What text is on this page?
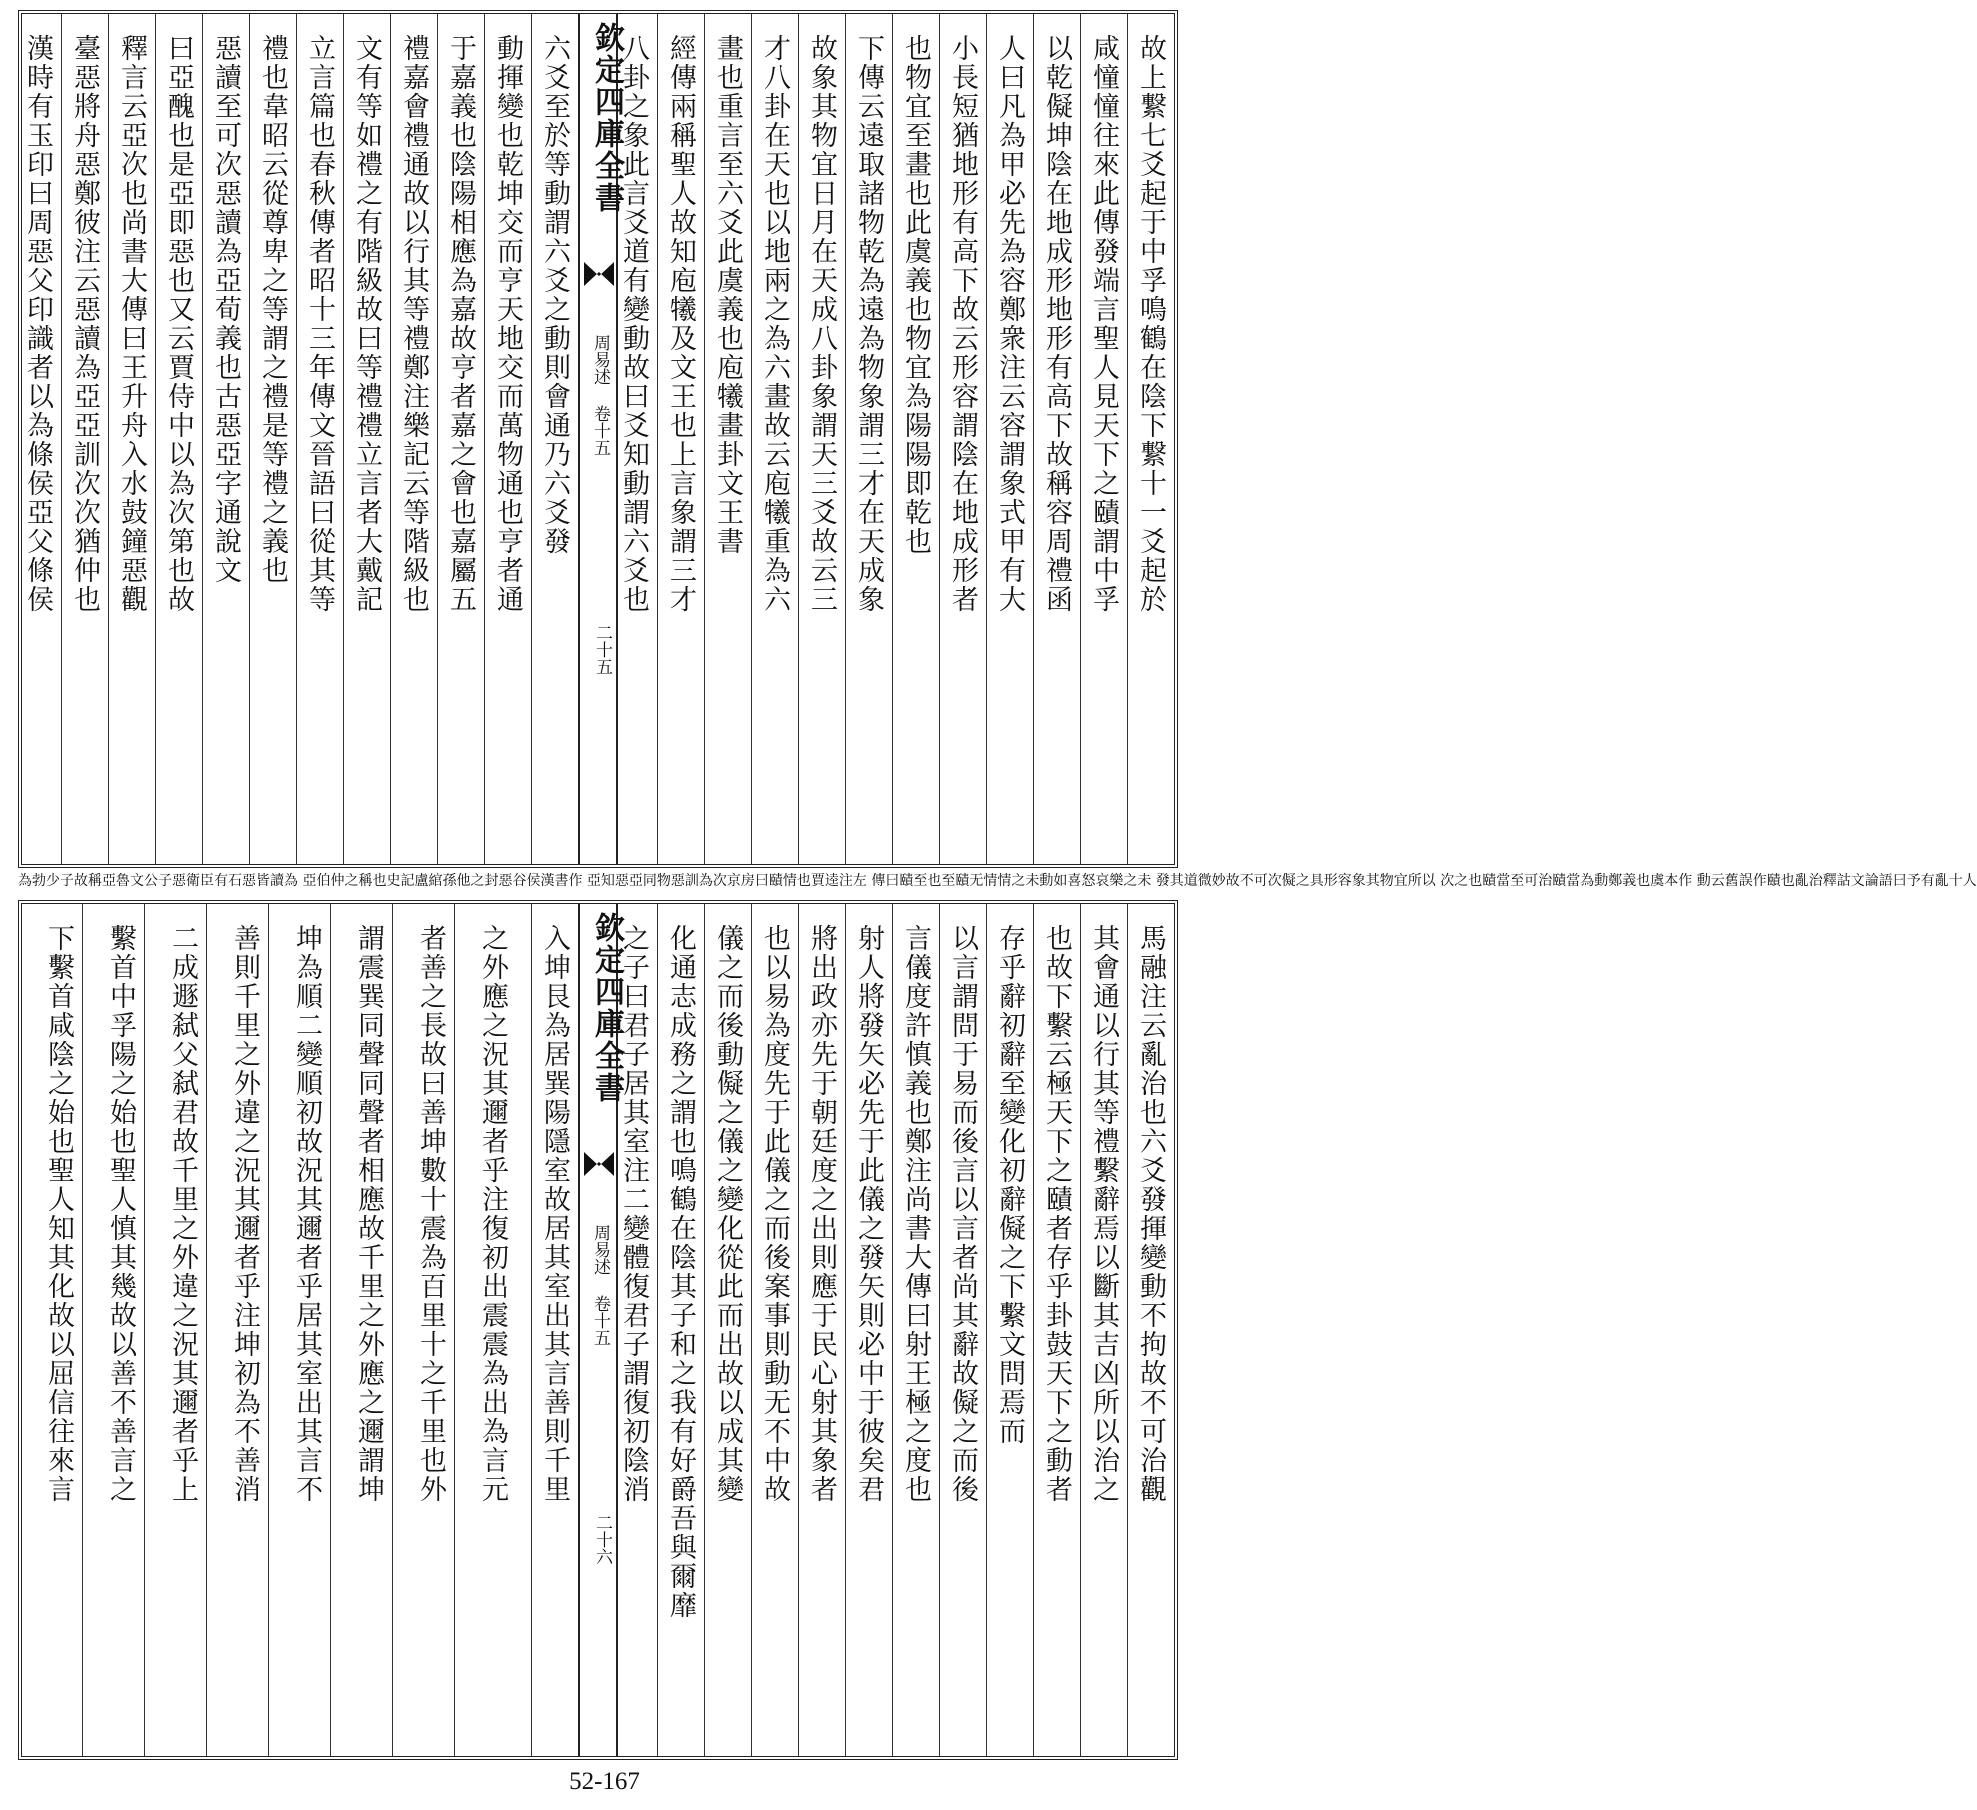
故上繋七爻起于中孚鳴鶴在陰下繋十一爻起於
咸憧憧往來此傳發端言聖人見天下之賾謂中孚
以乾儗坤陰在地成形地形有高下故稱容周禮函
人曰凡為甲必先為容鄭衆注云容謂象式甲有大
小長短猶地形有高下故云形容謂陰在地成形者
也物宜至畫也此虞義也物宜為陽陽即乾也
下傳云遠取諸物乾為遠為物象謂三才在天成象
故象其物宜日月在天成八卦象謂天三爻故云三
才八卦在天也以地兩之為六畫故云庖犧重為六
畫也重言至六爻此虞義也庖犧畫卦文王書
經傳兩稱聖人故知庖犧及文王也上言象謂三才
八卦之象此言爻道有變動故曰爻知動謂六爻也
欽定四庫全書
周易述 卷十五
二十五
六爻至於等動謂六爻之動則會通乃六爻發
動揮變也乾坤交而亨天地交而萬物通也亨者通
于嘉義也陰陽相應為嘉故亨者嘉之會也嘉屬五
禮嘉會禮通故以行其等禮鄭注樂記云等階級也
文有等如禮之有階級故曰等禮禮立言者大戴記
立言篇也春秋傳者昭十三年傳文晉語曰從其等
禮也韋昭云從尊卑之等謂之禮是等禮之義也
惡讀至可次惡讀為亞荀義也古惡亞字通說文
曰亞醜也是亞即惡也又云賈侍中以為次第也故
釋言云亞次也尚書大傳曰王升舟入水鼓鐘惡觀
臺惡將舟惡鄭彼注云惡讀為亞亞訓次次猶仲也
漢時有玉印曰周惡父印識者以為條侯亞父條侯
為勃少子故稱亞魯文公子惡衛臣有石惡皆讀為 亞伯仲之稱也史記盧綰孫他之封惡谷侯漢書作 亞知惡亞同物惡訓為次京房曰賾情也賈逵注左 傳曰賾至也至賾无情情之未動如喜怒哀樂之未 發其道微妙故不可次儗之具形容象其物宜所以 次之也賾當至可治賾當為動鄭義也虞本作 動云舊誤作賾也亂治釋詁文論語曰予有亂十人
馬融注云亂治也六爻發揮變動不拘故不可治觀
其會通以行其等禮繫辭焉以斷其吉凶所以治之
也故下繫云極天下之賾者存乎卦鼓天下之動者
存乎辭初辭至變化初辭儗之下繫文問焉而
以言謂問于易而後言以言者尚其辭故儗之而後
言儀度許慎義也鄭注尚書大傳曰射王極之度也
射人將發矢必先于此儀之發矢則必中于彼矣君
將出政亦先于朝廷度之出則應于民心射其象者
也以易為度先于此儀之而後案事則動无不中故
儀之而後動儗之儀之變化從此而出故以成其變
化通志成務之謂也鳴鶴在陰其子和之我有好爵吾與爾靡
之子曰君子居其室注二變體復君子謂復初陰消
欽定四庫全書
周易述 卷十五
二十六
入坤艮為居巽陽隱室故居其室出其言善則千里
之外應之況其邇者乎注復初出震震為出為言元
者善之長故曰善坤數十震為百里十之千里也外
謂震巽同聲同聲者相應故千里之外應之邇謂坤
坤為順二變順初故況其邇者乎居其室出其言不
善則千里之外違之況其邇者乎注坤初為不善消
二成遯弑父弑君故千里之外違之況其邇者乎上
繫首中孚陽之始也聖人慎其幾故以善不善言之
下繫首咸陰之始也聖人知其化故以屈信往來言
52-167
